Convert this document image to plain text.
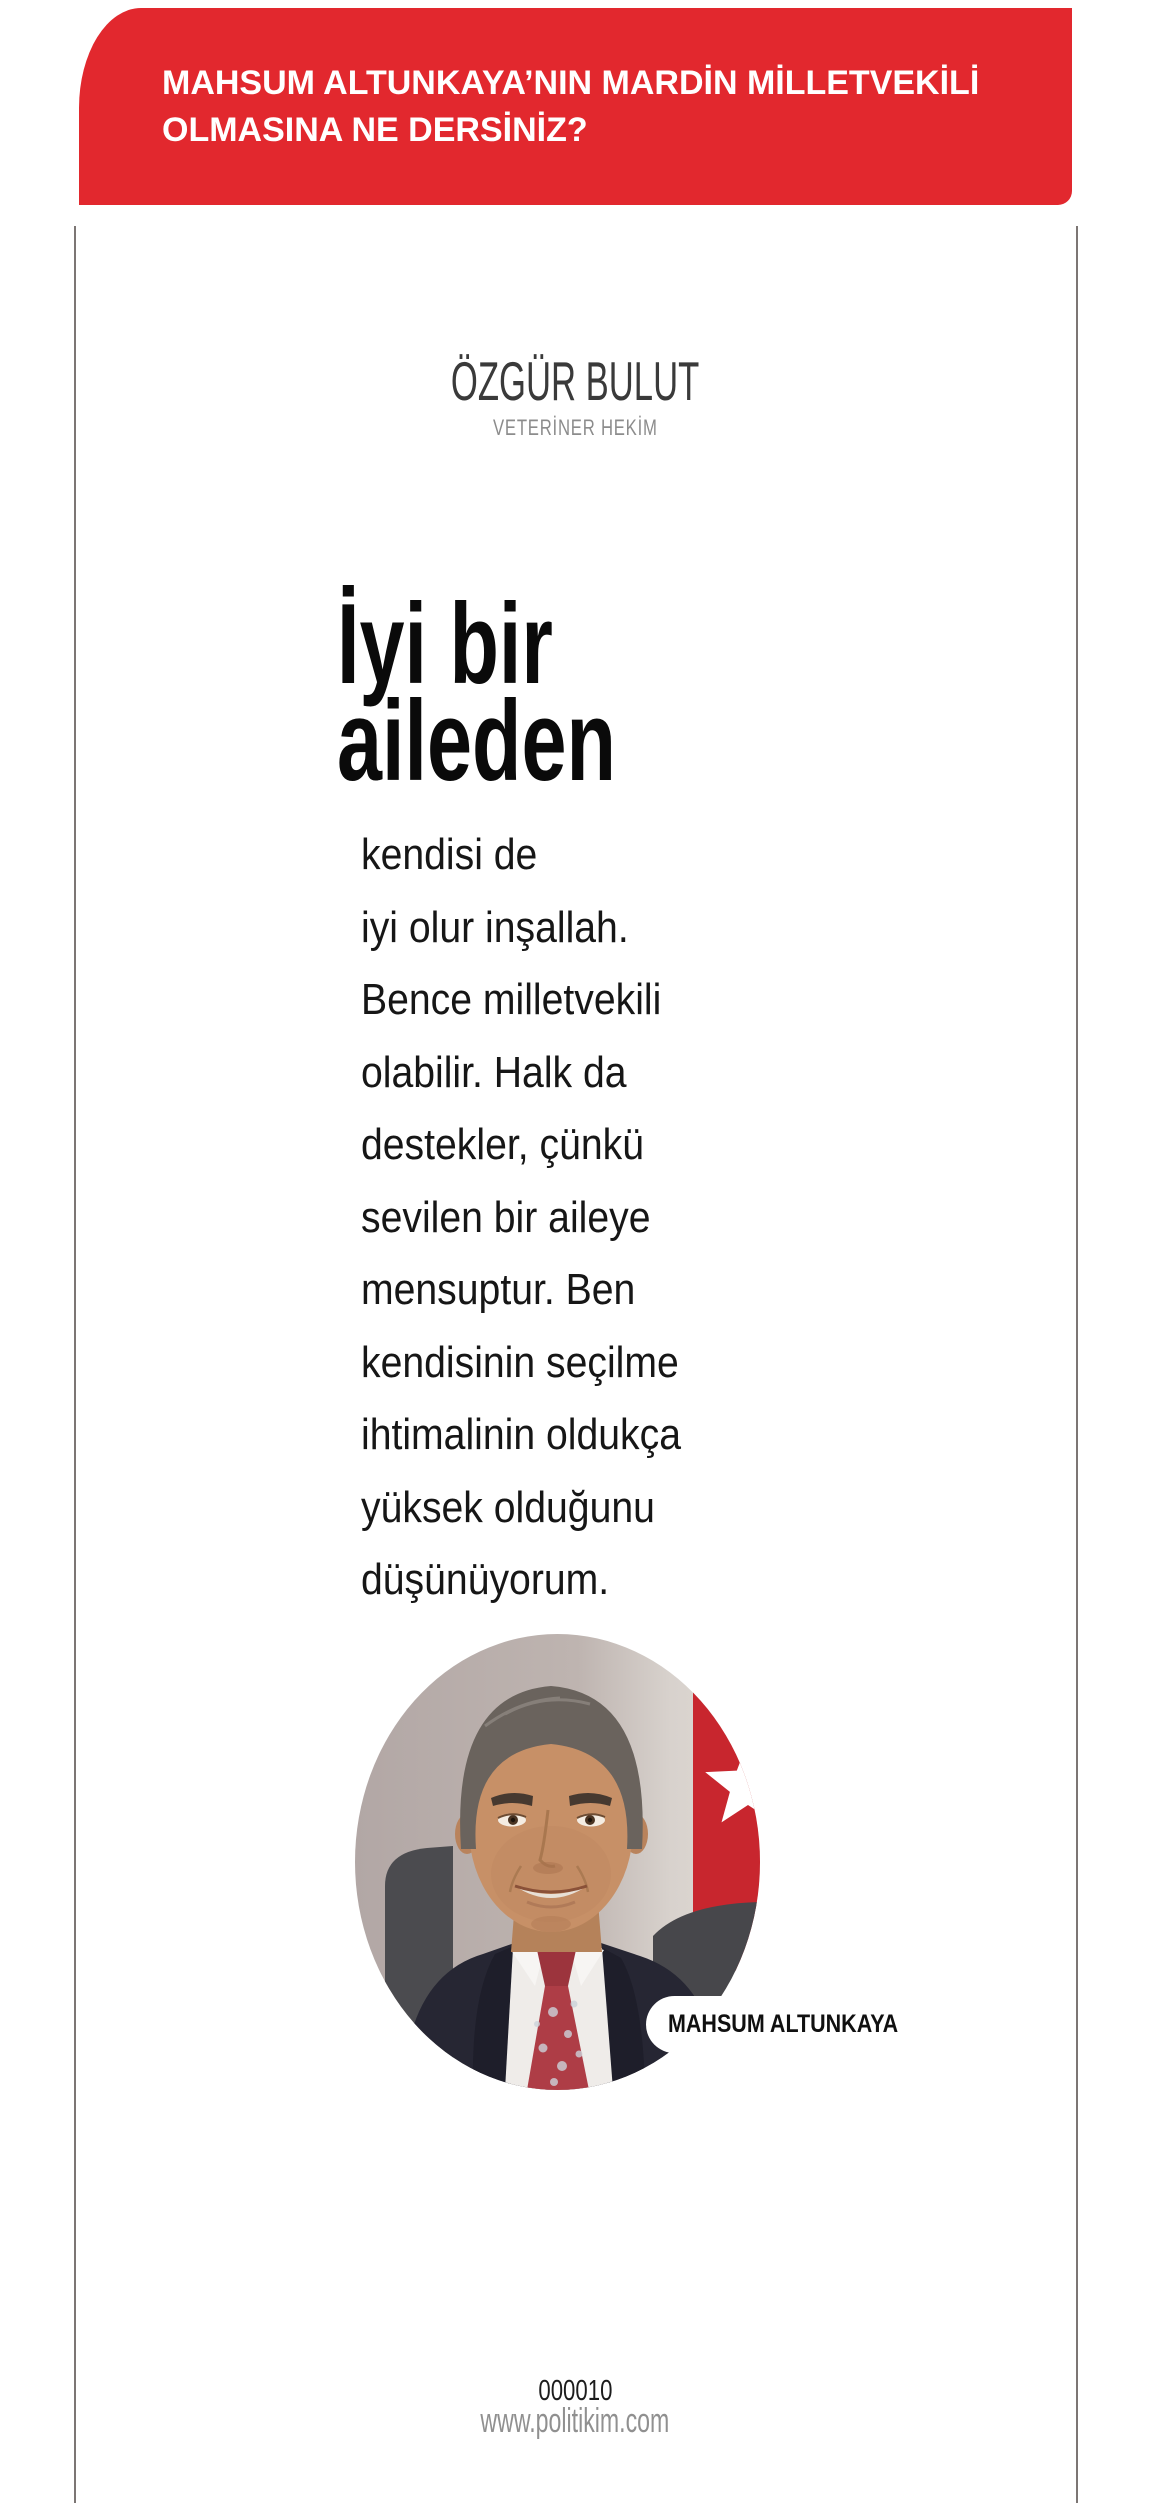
MAHSUM ALTUNKAYA’NIN MARDİN MİLLETVEKİLİ
OLMASINA NE DERSİNİZ?
ÖZGÜR BULUT
VETERİNER HEKİM
İyi bir
aileden
kendisi de
iyi olur inşallah.
Bence milletvekili
olabilir. Halk da
destekler, çünkü
sevilen bir aileye
mensuptur. Ben
kendisinin seçilme
ihtimalinin oldukça
yüksek olduğunu
düşünüyorum.
MAHSUM ALTUNKAYA
000010
www.politikim.com
